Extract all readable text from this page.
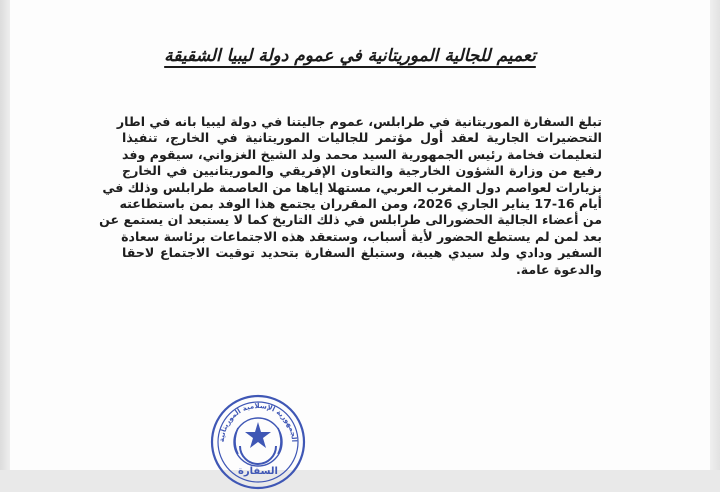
تعميم للجالية الموريتانية في عموم دولة ليبيا الشقيقة
تبلغ السفارة الموريتانية في طرابلس، عموم جاليتنا في دولة ليبيا بانه في اطار
التحضيرات الجارية لعقد أول مؤتمر للجاليات الموريتانية في الخارج، تنفيذا
لتعليمات فخامة رئيس الجمهورية السيد محمد ولد الشيخ الغزواني، سيقوم وفد
رفيع من وزارة الشؤون الخارجية والتعاون الإفريقي والموريتانيين في الخارج
بزيارات لعواصم دول المغرب العربي، مستهلا إياها من العاصمة طرابلس وذلك في
أيام 16-17 يناير الجاري 2026، ومن المقرران يجتمع هذا الوفد بمن باستطاعته
من أعضاء الجالية الحضورالى طرابلس في ذلك التاريخ كما لا يستبعد ان يستمع عن
بعد لمن لم يستطع الحضور لأية أسباب، وستعقد هذه الاجتماعات برئاسة سعادة
السفير ودادي ولد سيدي هيبة، وستبلغ السفارة بتحديد توقيت الاجتماع لاحقا
والدعوة عامة.
الجمهورية الإسلامية الموريتانية
السفارة
